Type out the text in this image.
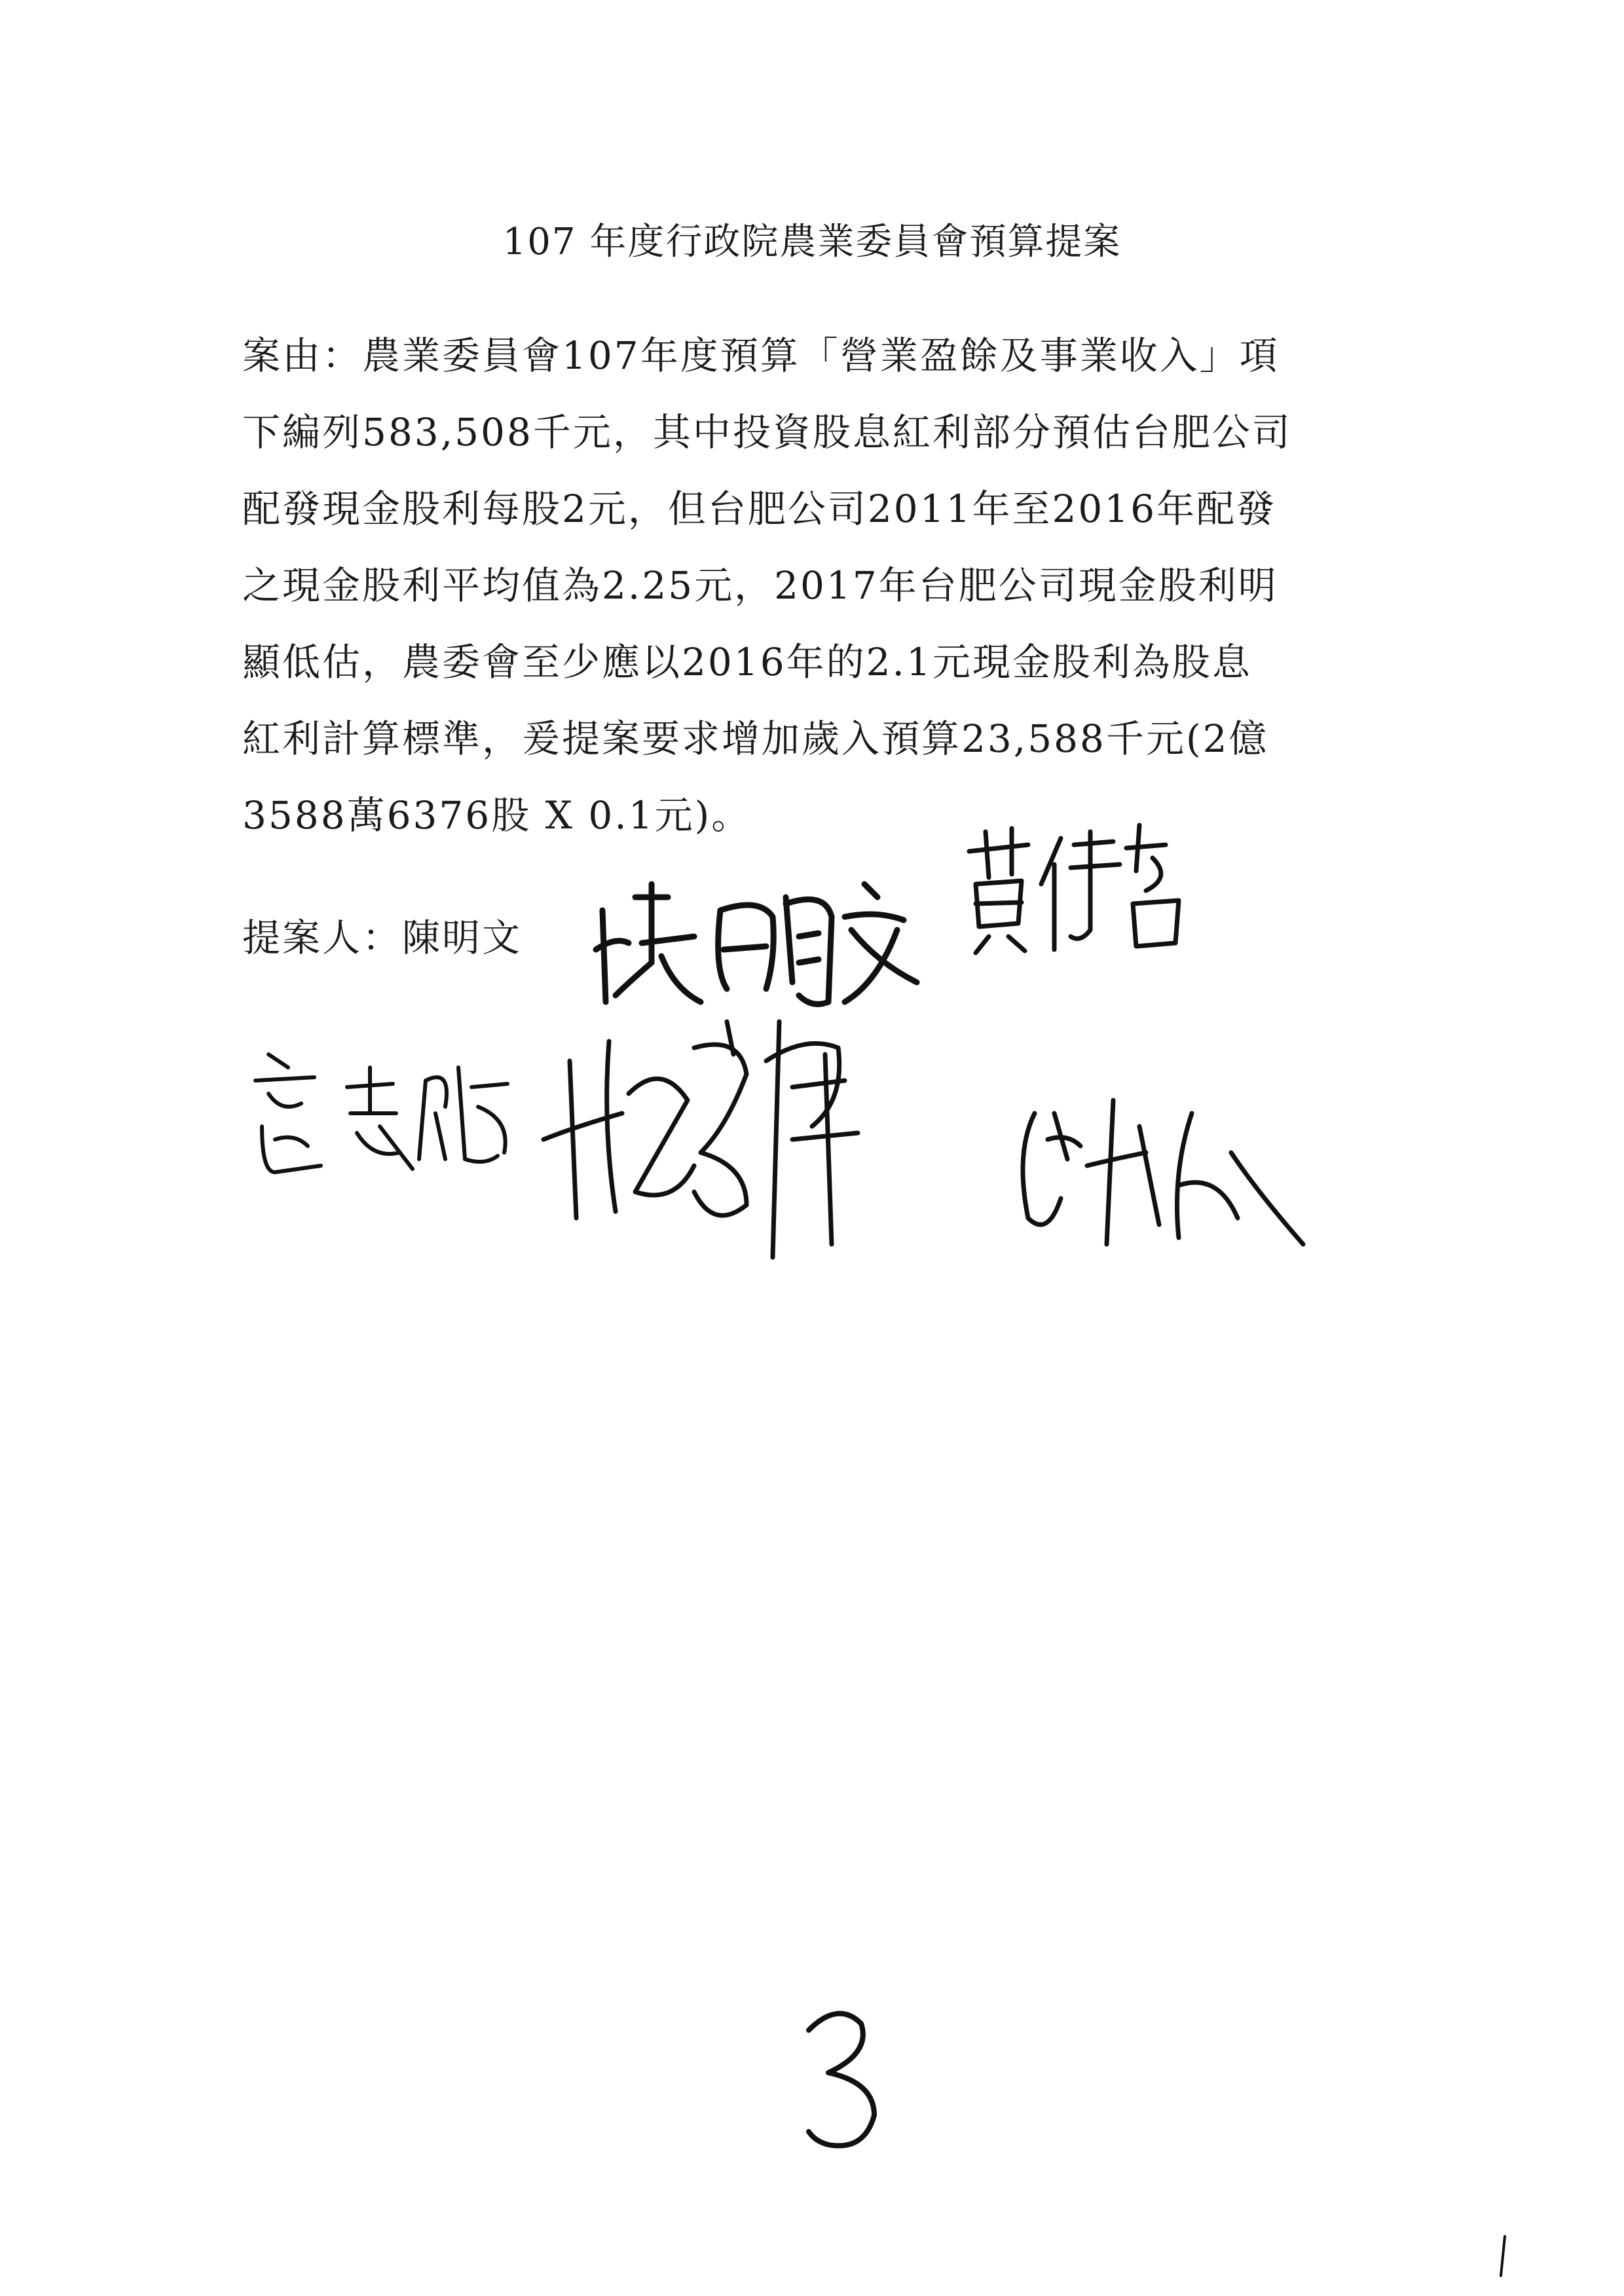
107 年度行政院農業委員會預算提案
案由：農業委員會107年度預算「營業盈餘及事業收入」項
下編列583,508千元，其中投資股息紅利部分預估台肥公司
配發現金股利每股2元，但台肥公司2011年至2016年配發
之現金股利平均值為2.25元，2017年台肥公司現金股利明
顯低估，農委會至少應以2016年的2.1元現金股利為股息
紅利計算標準，爰提案要求增加歲入預算23,588千元(2億
3588萬6376股 X 0.1元)。
提案人：陳明文
